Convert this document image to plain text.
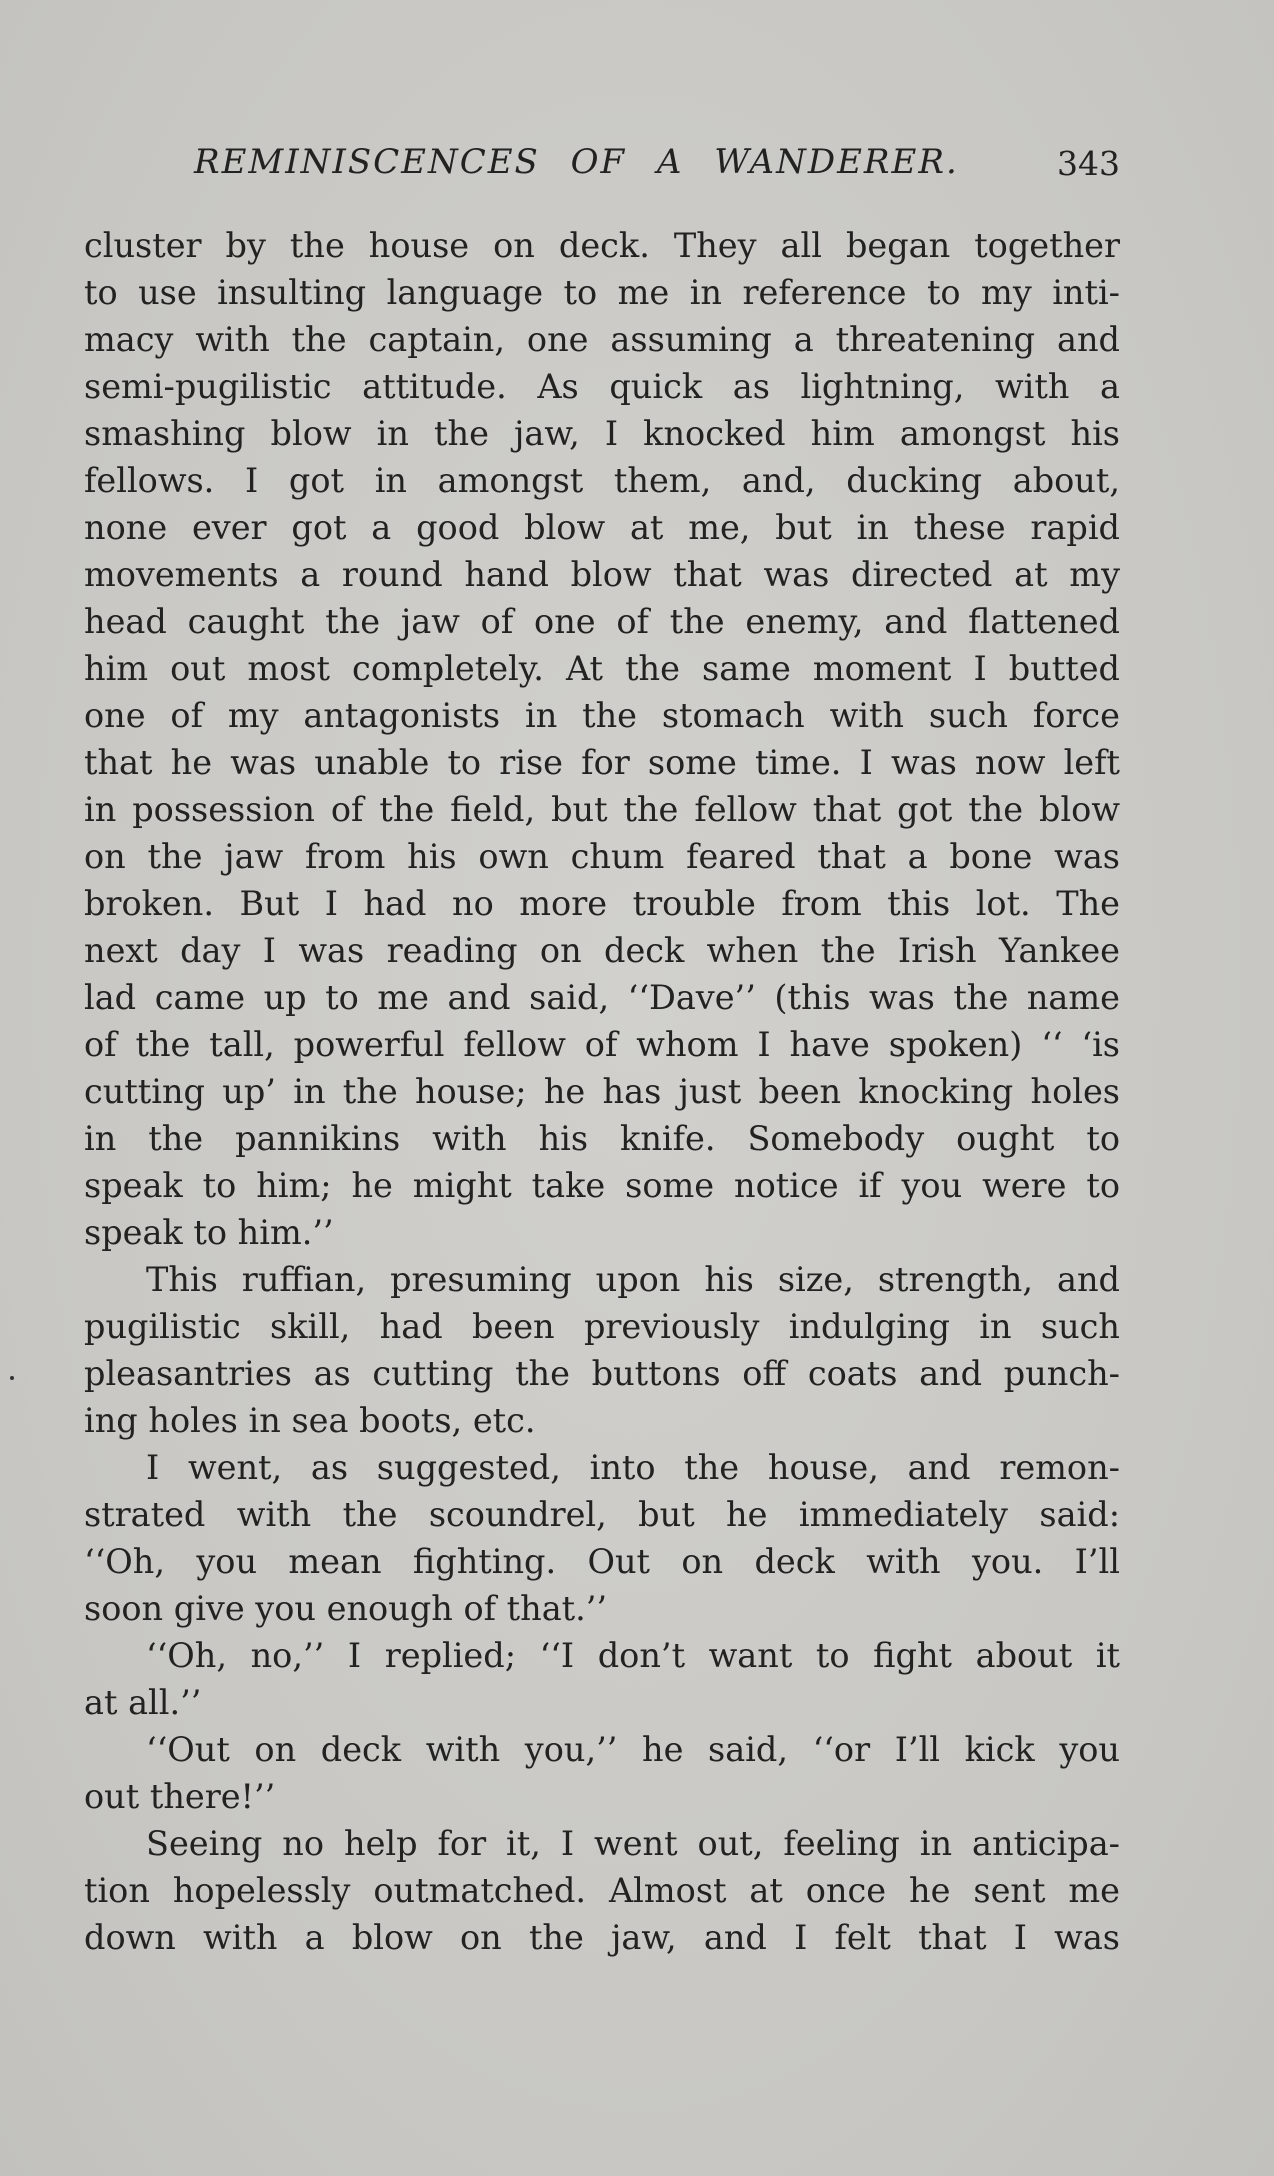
REMINISCENCES OF A WANDERER.	343
cluster by the house on deck. They all began together
to use insulting language to me in reference to my inti-
macy with the captain, one assuming a threatening and
semi-pugilistic attitude. As quick as lightning, with a
smashing blow in the jaw, I knocked him amongst his
fellows. I got in amongst them, and, ducking about,
none ever got a good blow at me, but in these rapid
movements a round hand blow that was directed at my
head caught the jaw of one of the enemy, and flattened
him out most completely. At the same moment I butted
one of my antagonists in the stomach with such force
that he was unable to rise for some time. I was now left
in possession of the field, but the fellow that got the blow
on the jaw from his own chum feared that a bone was
broken. But I had no more trouble from this lot. The
next day I was reading on deck when the Irish Yankee
lad came up to me and said, ‘‘Dave’’ (this was the name
of the tall, powerful fellow of whom I have spoken) ‘‘ ‘is
cutting up’ in the house; he has just been knocking holes
in the pannikins with his knife. Somebody ought to
speak to him; he might take some notice if you were to
speak to him.’’
This ruffian, presuming upon his size, strength, and
pugilistic skill, had been previously indulging in such
pleasantries as cutting the buttons off coats and punch-
ing holes in sea boots, etc.
I went, as suggested, into the house, and remon-
strated with the scoundrel, but he immediately said:
‘‘Oh, you mean fighting. Out on deck with you. I’ll
soon give you enough of that.’’
‘‘Oh, no,’’ I replied; ‘‘I don’t want to fight about it
at all.’’
‘‘Out on deck with you,’’ he said, ‘‘or I’ll kick you
out there!’’
Seeing no help for it, I went out, feeling in anticipa-
tion hopelessly outmatched. Almost at once he sent me
down with a blow on the jaw, and I felt that I was
